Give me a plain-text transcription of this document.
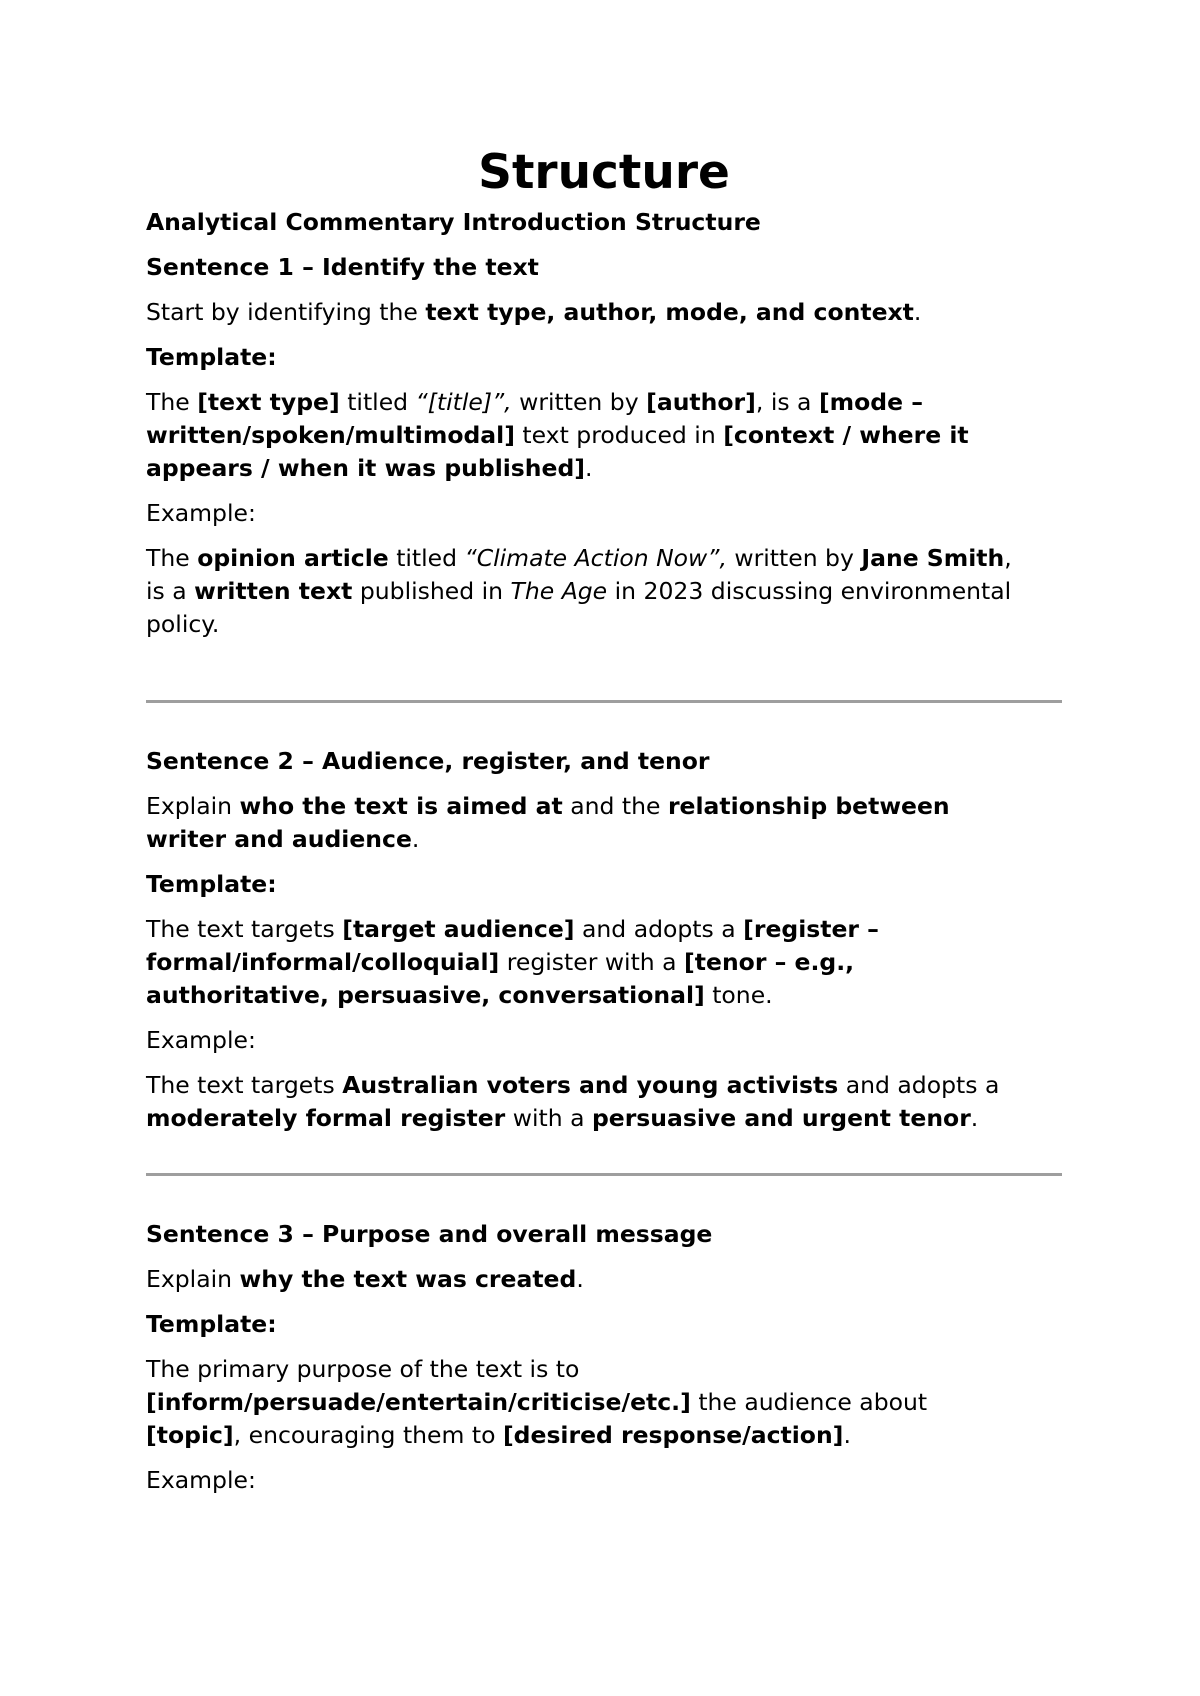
Structure

Analytical Commentary Introduction Structure

Sentence 1 – Identify the text

Start by identifying the text type, author, mode, and context.

Template:

The [text type] titled “[title]”, written by [author], is a [mode –

written/spoken/multimodal] text produced in [context / where it

appears / when it was published].

Example:

The opinion article titled “Climate Action Now”, written by Jane Smith,

is a written text published in The Age in 2023 discussing environmental

policy.

Sentence 2 – Audience, register, and tenor

Explain who the text is aimed at and the relationship between

writer and audience.

Template:

The text targets [target audience] and adopts a [register –

formal/informal/colloquial] register with a [tenor – e.g.,

authoritative, persuasive, conversational] tone.

Example:

The text targets Australian voters and young activists and adopts a

moderately formal register with a persuasive and urgent tenor.

Sentence 3 – Purpose and overall message

Explain why the text was created.

Template:

The primary purpose of the text is to

[inform/persuade/entertain/criticise/etc.] the audience about

[topic], encouraging them to [desired response/action].

Example:
